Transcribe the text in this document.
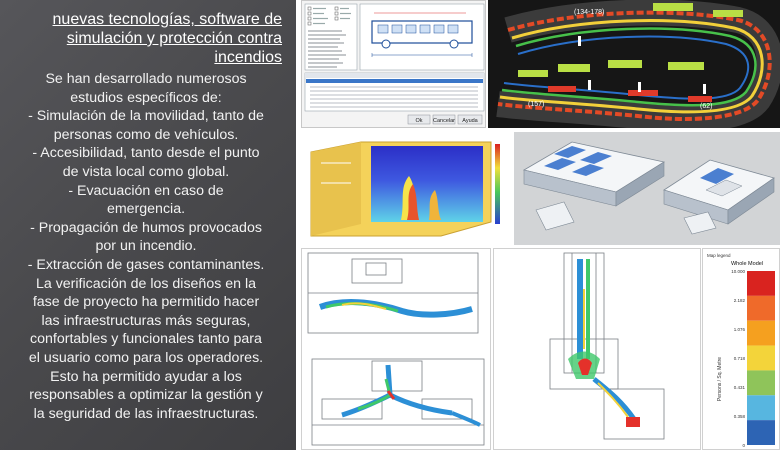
nuevas tecnologías, software de simulación y protección contra incendios

Se han desarrollado numerosos

estudios específicos de:

- Simulación de la movilidad, tanto de

personas como de vehículos.

- Accesibilidad, tanto desde el punto

de vista local como global.

- Evacuación en caso de

emergencia.

- Propagación de humos provocados

por un incendio.

- Extracción de gases contaminantes.

La verificación de los diseños en la

fase de proyecto ha permitido hacer

las infraestructuras más seguras,

confortables y funcionales tanto para

el usuario como para los operadores.

Esto ha permitido ayudar a los

responsables a optimizar la gestión y

la seguridad de las infraestructuras.

Ok Cancelar Ayuda
(134-178)
(157)	(62)
Map legend
Whole Model
Persons / Sq. Metre
10.000
2.182
1.076
0.718
0.431
0.358
0
